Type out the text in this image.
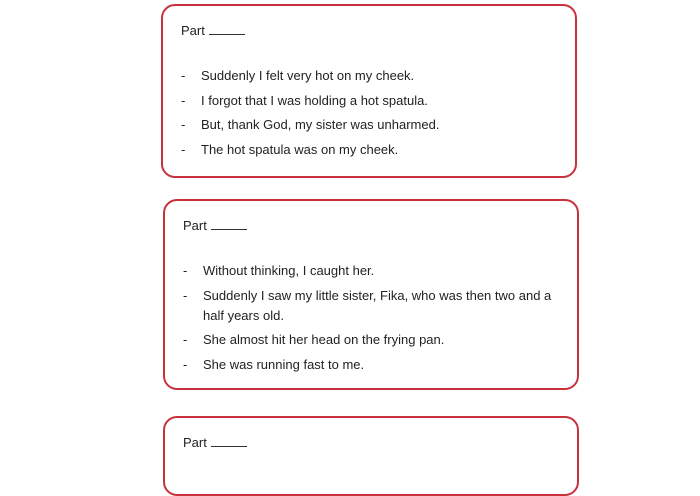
Part
-	Suddenly I felt very hot on my cheek.
-	I forgot that I was holding a hot spatula.
-	But, thank God, my sister was unharmed.
-	The hot spatula was on my cheek.
Part
-	Without thinking, I caught her.
-	Suddenly I saw my little sister, Fika, who was then two and a half years old.
-	She almost hit her head on the frying pan.
-	She was running fast to me.
Part
